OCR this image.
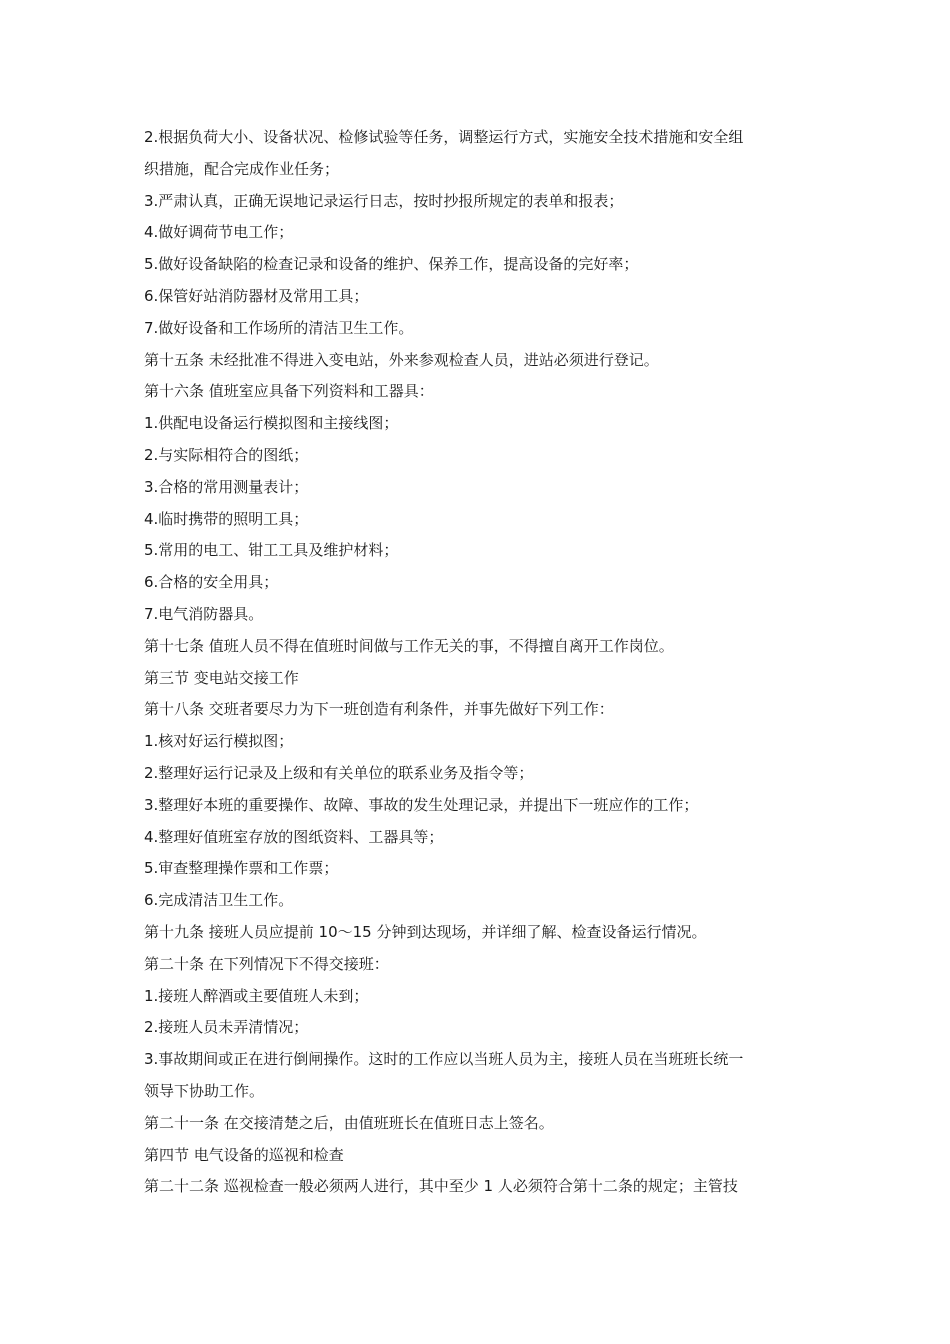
2.根据负荷大小、设备状况、检修试验等任务，调整运行方式，实施安全技术措施和安全组
织措施，配合完成作业任务；
3.严肃认真，正确无误地记录运行日志，按时抄报所规定的表单和报表；
4.做好调荷节电工作；
5.做好设备缺陷的检查记录和设备的维护、保养工作，提高设备的完好率；
6.保管好站消防器材及常用工具；
7.做好设备和工作场所的清洁卫生工作。
第十五条 未经批准不得进入变电站，外来参观检查人员，进站必须进行登记。
第十六条 值班室应具备下列资料和工器具：
1.供配电设备运行模拟图和主接线图；
2.与实际相符合的图纸；
3.合格的常用测量表计；
4.临时携带的照明工具；
5.常用的电工、钳工工具及维护材料；
6.合格的安全用具；
7.电气消防器具。
第十七条 值班人员不得在值班时间做与工作无关的事，不得擅自离开工作岗位。
第三节 变电站交接工作
第十八条 交班者要尽力为下一班创造有利条件，并事先做好下列工作：
1.核对好运行模拟图；
2.整理好运行记录及上级和有关单位的联系业务及指令等；
3.整理好本班的重要操作、故障、事故的发生处理记录，并提出下一班应作的工作；
4.整理好值班室存放的图纸资料、工器具等；
5.审查整理操作票和工作票；
6.完成清洁卫生工作。
第十九条 接班人员应提前 10～15 分钟到达现场，并详细了解、检查设备运行情况。
第二十条 在下列情况下不得交接班：
1.接班人醉酒或主要值班人未到；
2.接班人员未弄清情况；
3.事故期间或正在进行倒闸操作。这时的工作应以当班人员为主，接班人员在当班班长统一
领导下协助工作。
第二十一条 在交接清楚之后，由值班班长在值班日志上签名。
第四节 电气设备的巡视和检查
第二十二条 巡视检查一般必须两人进行，其中至少 1 人必须符合第十二条的规定；主管技
